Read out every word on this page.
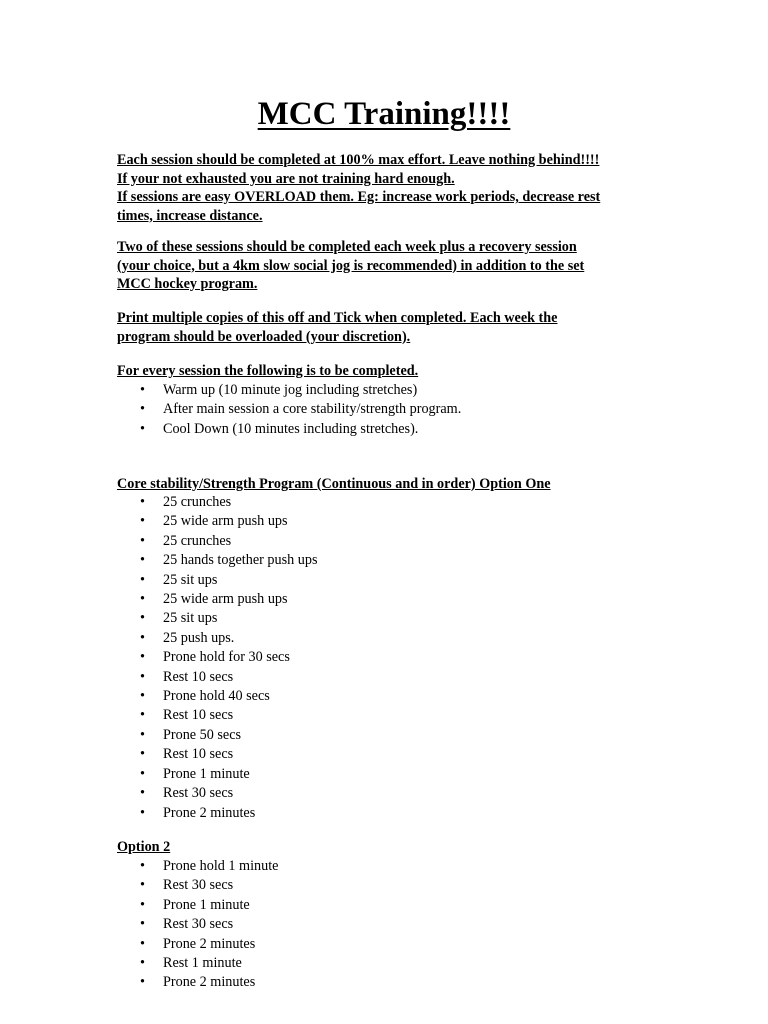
MCC Training!!!!

Each session should be completed at 100% max effort. Leave nothing behind!!!!
If your not exhausted you are not training hard enough.
If sessions are easy OVERLOAD them. Eg: increase work periods, decrease rest
times, increase distance.

Two of these sessions should be completed each week plus a recovery session
(your choice, but a 4km slow social jog is recommended) in addition to the set
MCC hockey program.

Print multiple copies of this off and Tick when completed. Each week the
program should be overloaded (your discretion).

For every session the following is to be completed.

• Warm up (10 minute jog including stretches)
• After main session a core stability/strength program.
• Cool Down (10 minutes including stretches).

Core stability/Strength Program (Continuous and in order) Option One

• 25 crunches
• 25 wide arm push ups
• 25 crunches
• 25 hands together push ups
• 25 sit ups
• 25 wide arm push ups
• 25 sit ups
• 25 push ups.
• Prone hold for 30 secs
• Rest 10 secs
• Prone hold 40 secs
• Rest 10 secs
• Prone 50 secs
• Rest 10 secs
• Prone 1 minute
• Rest 30 secs
• Prone 2 minutes

Option 2

• Prone hold 1 minute
• Rest 30 secs
• Prone 1 minute
• Rest 30 secs
• Prone 2 minutes
• Rest 1 minute
• Prone 2 minutes
